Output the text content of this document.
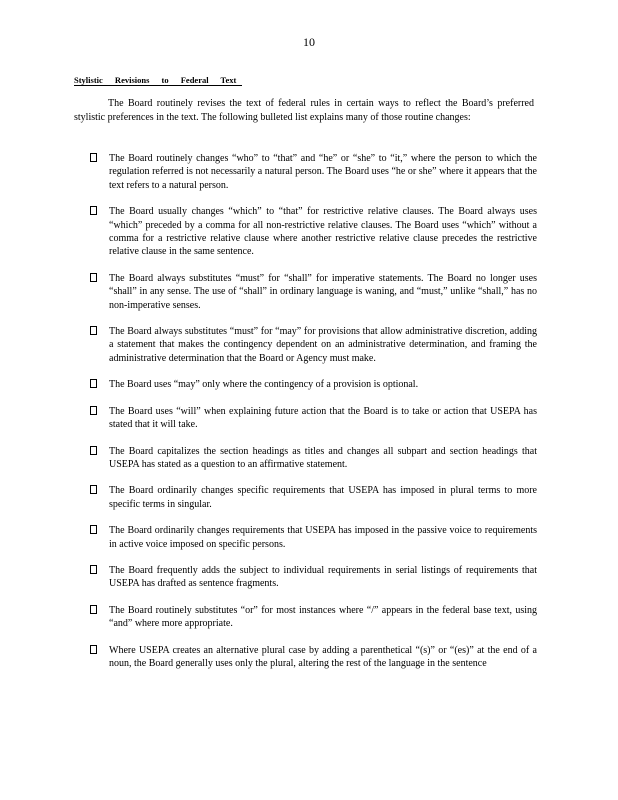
10
Stylistic Revisions to Federal Text

The Board routinely revises the text of federal rules in certain ways to reflect the Board’s preferred stylistic preferences in the text. The following bulleted list explains many of those routine changes:

The Board routinely changes “who” to “that” and “he” or “she” to “it,” where the person to which the regulation referred is not necessarily a natural person. The Board uses “he or she” where it appears that the text refers to a natural person.
The Board usually changes “which” to “that” for restrictive relative clauses. The Board always uses “which” preceded by a comma for all non-restrictive relative clauses. The Board uses “which” without a comma for a restrictive relative clause where another restrictive relative clause precedes the restrictive relative clause in the same sentence.
The Board always substitutes “must” for “shall” for imperative statements. The Board no longer uses “shall” in any sense. The use of “shall” in ordinary language is waning, and “must,” unlike “shall,” has no non-imperative senses.
The Board always substitutes “must” for “may” for provisions that allow administrative discretion, adding a statement that makes the contingency dependent on an administrative determination, and framing the administrative determination that the Board or Agency must make.
The Board uses “may” only where the contingency of a provision is optional.
The Board uses “will” when explaining future action that the Board is to take or action that USEPA has stated that it will take.
The Board capitalizes the section headings as titles and changes all subpart and section headings that USEPA has stated as a question to an affirmative statement.
The Board ordinarily changes specific requirements that USEPA has imposed in plural terms to more specific terms in singular.
The Board ordinarily changes requirements that USEPA has imposed in the passive voice to requirements in active voice imposed on specific persons.
The Board frequently adds the subject to individual requirements in serial listings of requirements that USEPA has drafted as sentence fragments.
The Board routinely substitutes “or” for most instances where “/” appears in the federal base text, using “and” where more appropriate.
Where USEPA creates an alternative plural case by adding a parenthetical “(s)” or “(es)” at the end of a noun, the Board generally uses only the plural, altering the rest of the language in the sentence
